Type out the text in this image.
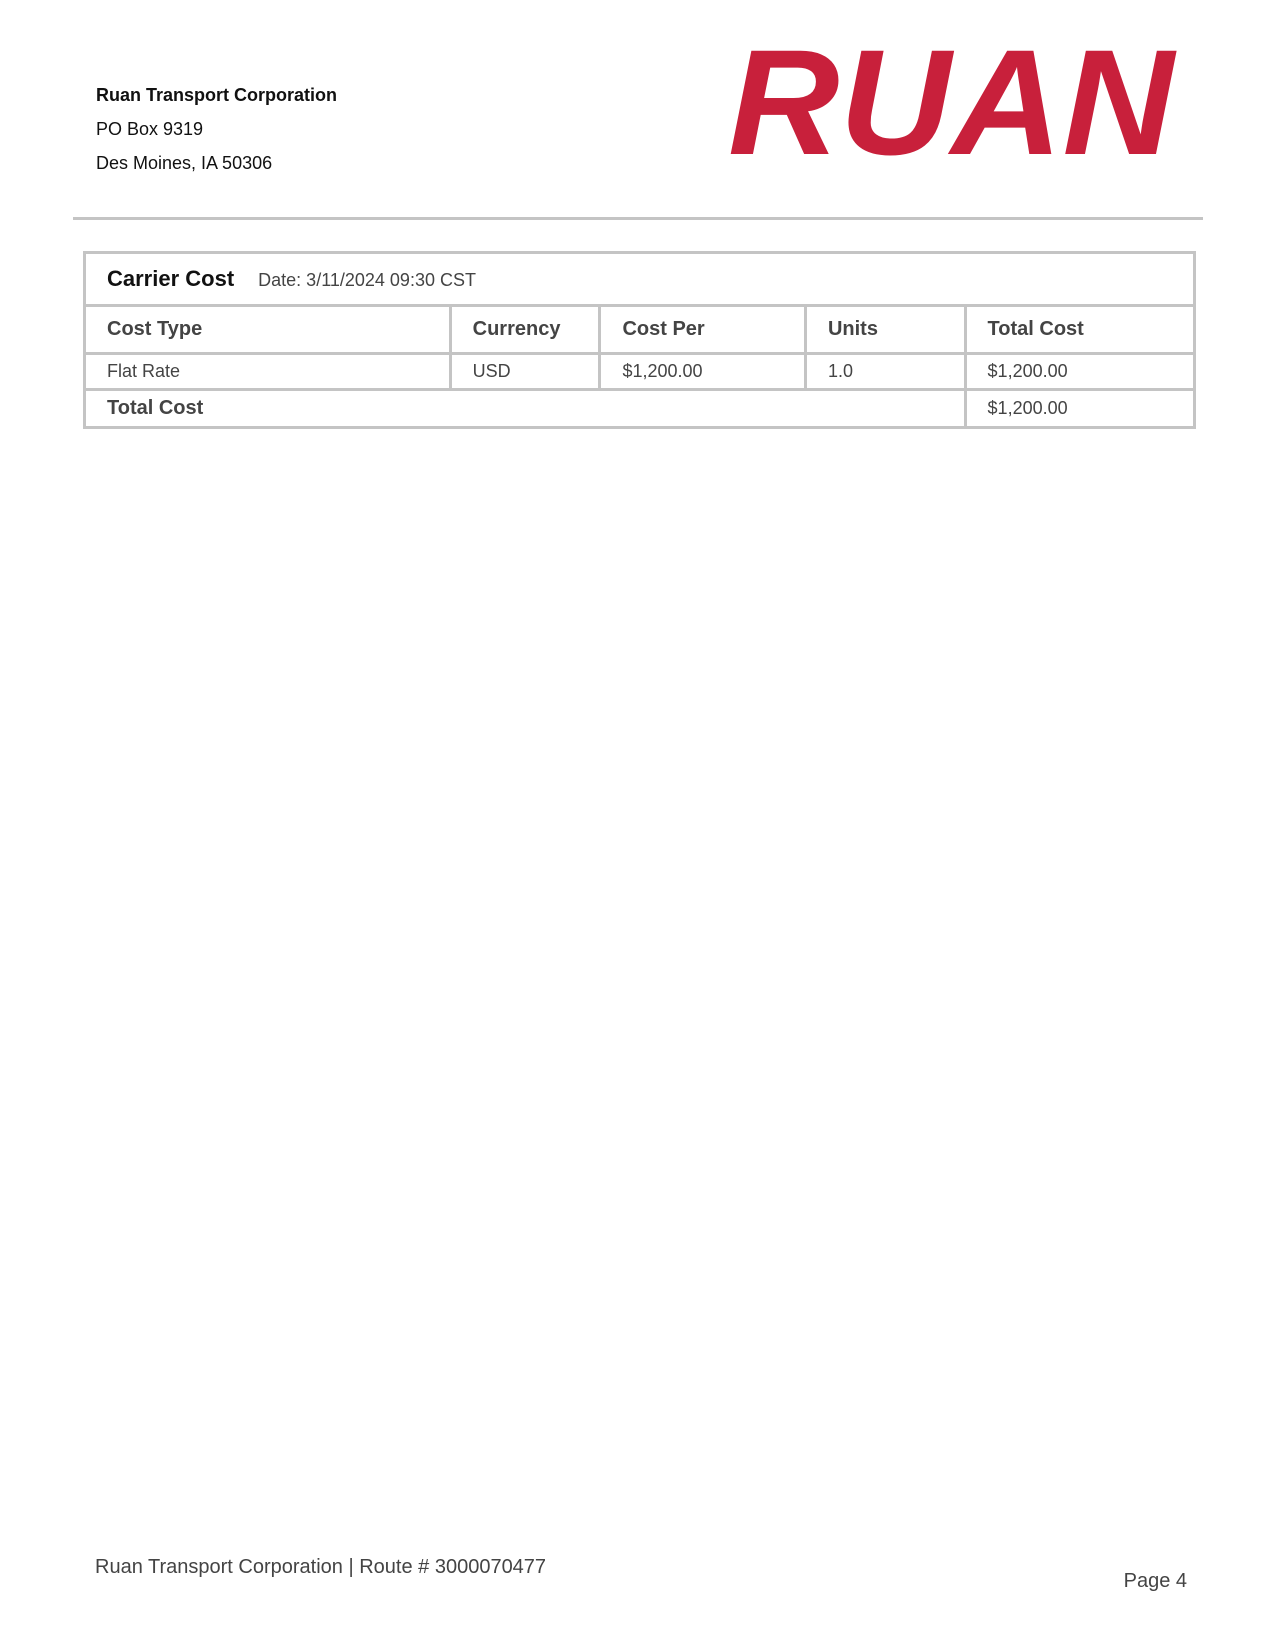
Ruan Transport Corporation
PO Box 9319
Des Moines, IA 50306	RUAN
Carrier Cost Date: 3/11/2024 09:30 CST				
Cost Type	Currency	Cost Per	Units	Total Cost
Flat Rate	USD	$1,200.00	1.0	$1,200.00
Total Cost				$1,200.00
Ruan Transport Corporation | Route # 3000070477
Page 4
